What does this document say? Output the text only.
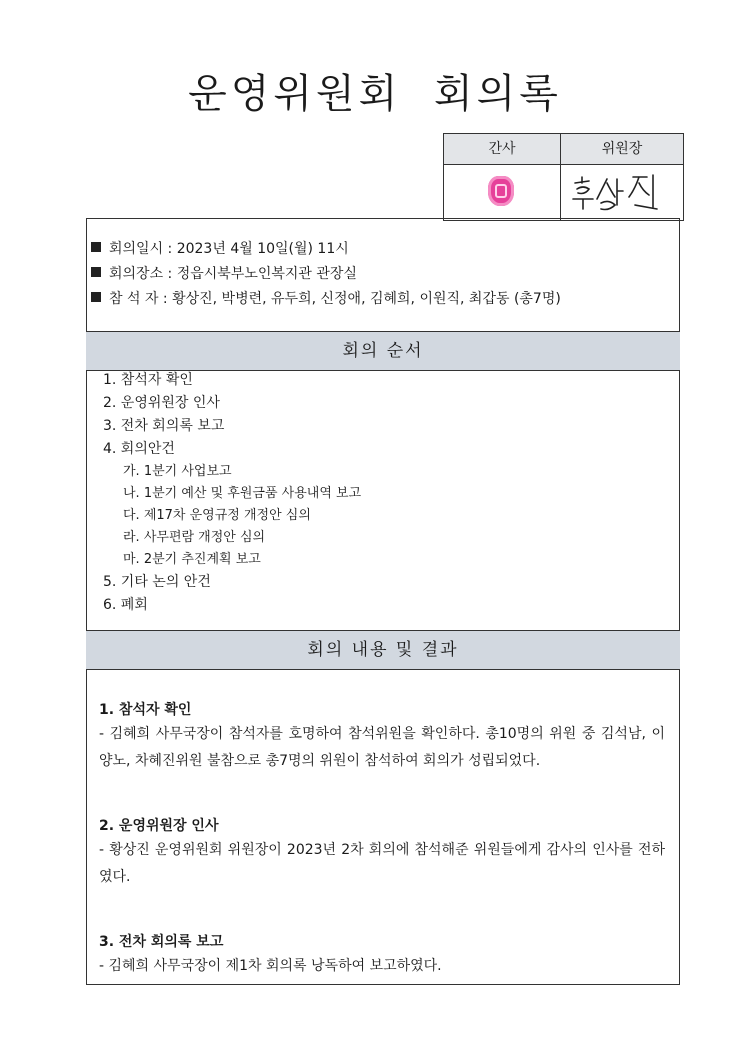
운영위원회 회의록
간사	위원장
회의일시 : 2023년 4월 10일(월) 11시
회의장소 : 정읍시북부노인복지관 관장실
참 석 자 : 황상진, 박병련, 유두희, 신정애, 김혜희, 이원직, 최갑동 (총7명)
회의 순서
1. 참석자 확인
2. 운영위원장 인사
3. 전차 회의록 보고
4. 회의안건
가. 1분기 사업보고
나. 1분기 예산 및 후원금품 사용내역 보고
다. 제17차 운영규정 개정안 심의
라. 사무편람 개정안 심의
마. 2분기 추진계획 보고
5. 기타 논의 안건
6. 폐회
회의 내용 및 결과
1. 참석자 확인

- 김혜희 사무국장이 참석자를 호명하여 참석위원을 확인하다. 총10명의 위원 중 김석남, 이양노, 차혜진위원 불참으로 총7명의 위원이 참석하여 회의가 성립되었다.

2. 운영위원장 인사

- 황상진 운영위원회 위원장이 2023년 2차 회의에 참석해준 위원들에게 감사의 인사를 전하였다.

3. 전차 회의록 보고

- 김혜희 사무국장이 제1차 회의록 낭독하여 보고하였다.
